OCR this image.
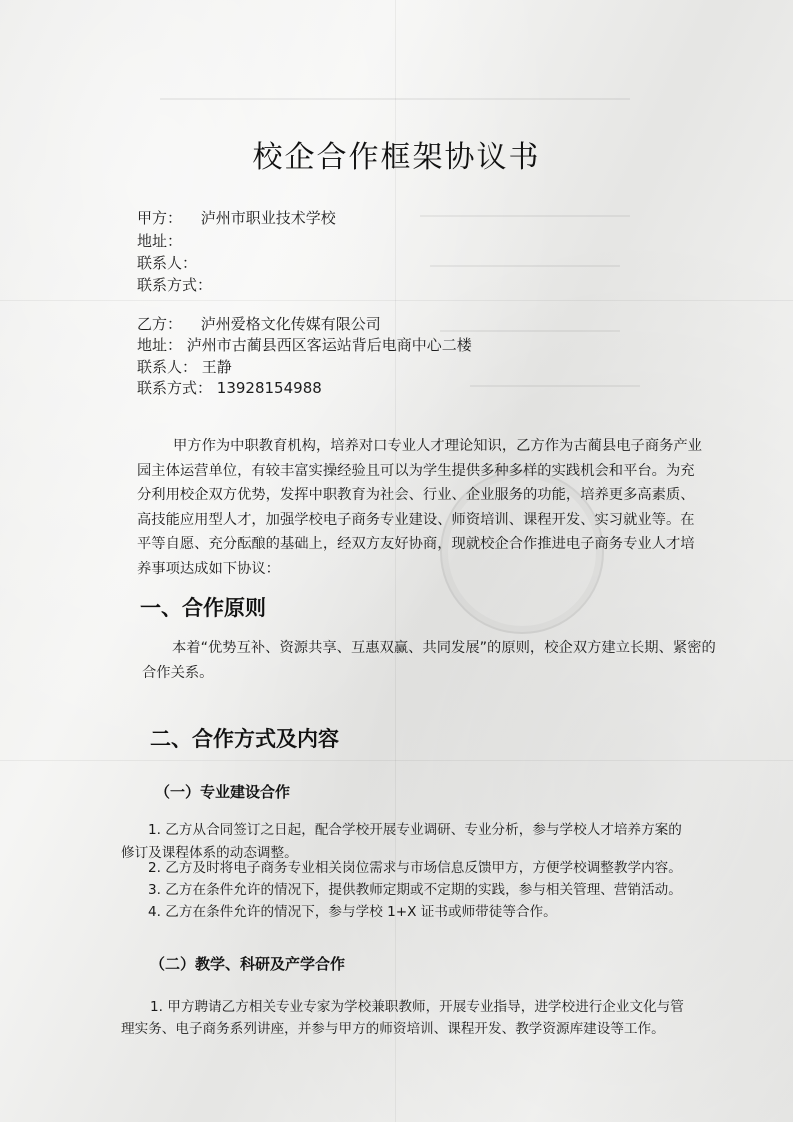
校企合作框架协议书
甲方： 泸州市职业技术学校
地址：
联系人：
联系方式：
乙方： 泸州爱格文化传媒有限公司
地址： 泸州市古蔺县西区客运站背后电商中心二楼
联系人： 王静
联系方式： 13928154988
甲方作为中职教育机构，培养对口专业人才理论知识，乙方作为古蔺县电子商务产业
园主体运营单位，有较丰富实操经验且可以为学生提供多种多样的实践机会和平台。为充
分利用校企双方优势，发挥中职教育为社会、行业、企业服务的功能，培养更多高素质、
高技能应用型人才，加强学校电子商务专业建设、师资培训、课程开发、实习就业等。在
平等自愿、充分酝酿的基础上，经双方友好协商，现就校企合作推进电子商务专业人才培
养事项达成如下协议：
一、合作原则
本着“优势互补、资源共享、互惠双赢、共同发展”的原则，校企双方建立长期、紧密的
合作关系。
二、合作方式及内容
（一）专业建设合作
1. 乙方从合同签订之日起，配合学校开展专业调研、专业分析，参与学校人才培养方案的
修订及课程体系的动态调整。
2. 乙方及时将电子商务专业相关岗位需求与市场信息反馈甲方，方便学校调整教学内容。
3. 乙方在条件允许的情况下，提供教师定期或不定期的实践，参与相关管理、营销活动。
4. 乙方在条件允许的情况下，参与学校 1+X 证书或师带徒等合作。
（二）教学、科研及产学合作
1. 甲方聘请乙方相关专业专家为学校兼职教师，开展专业指导，进学校进行企业文化与管
理实务、电子商务系列讲座，并参与甲方的师资培训、课程开发、教学资源库建设等工作。
